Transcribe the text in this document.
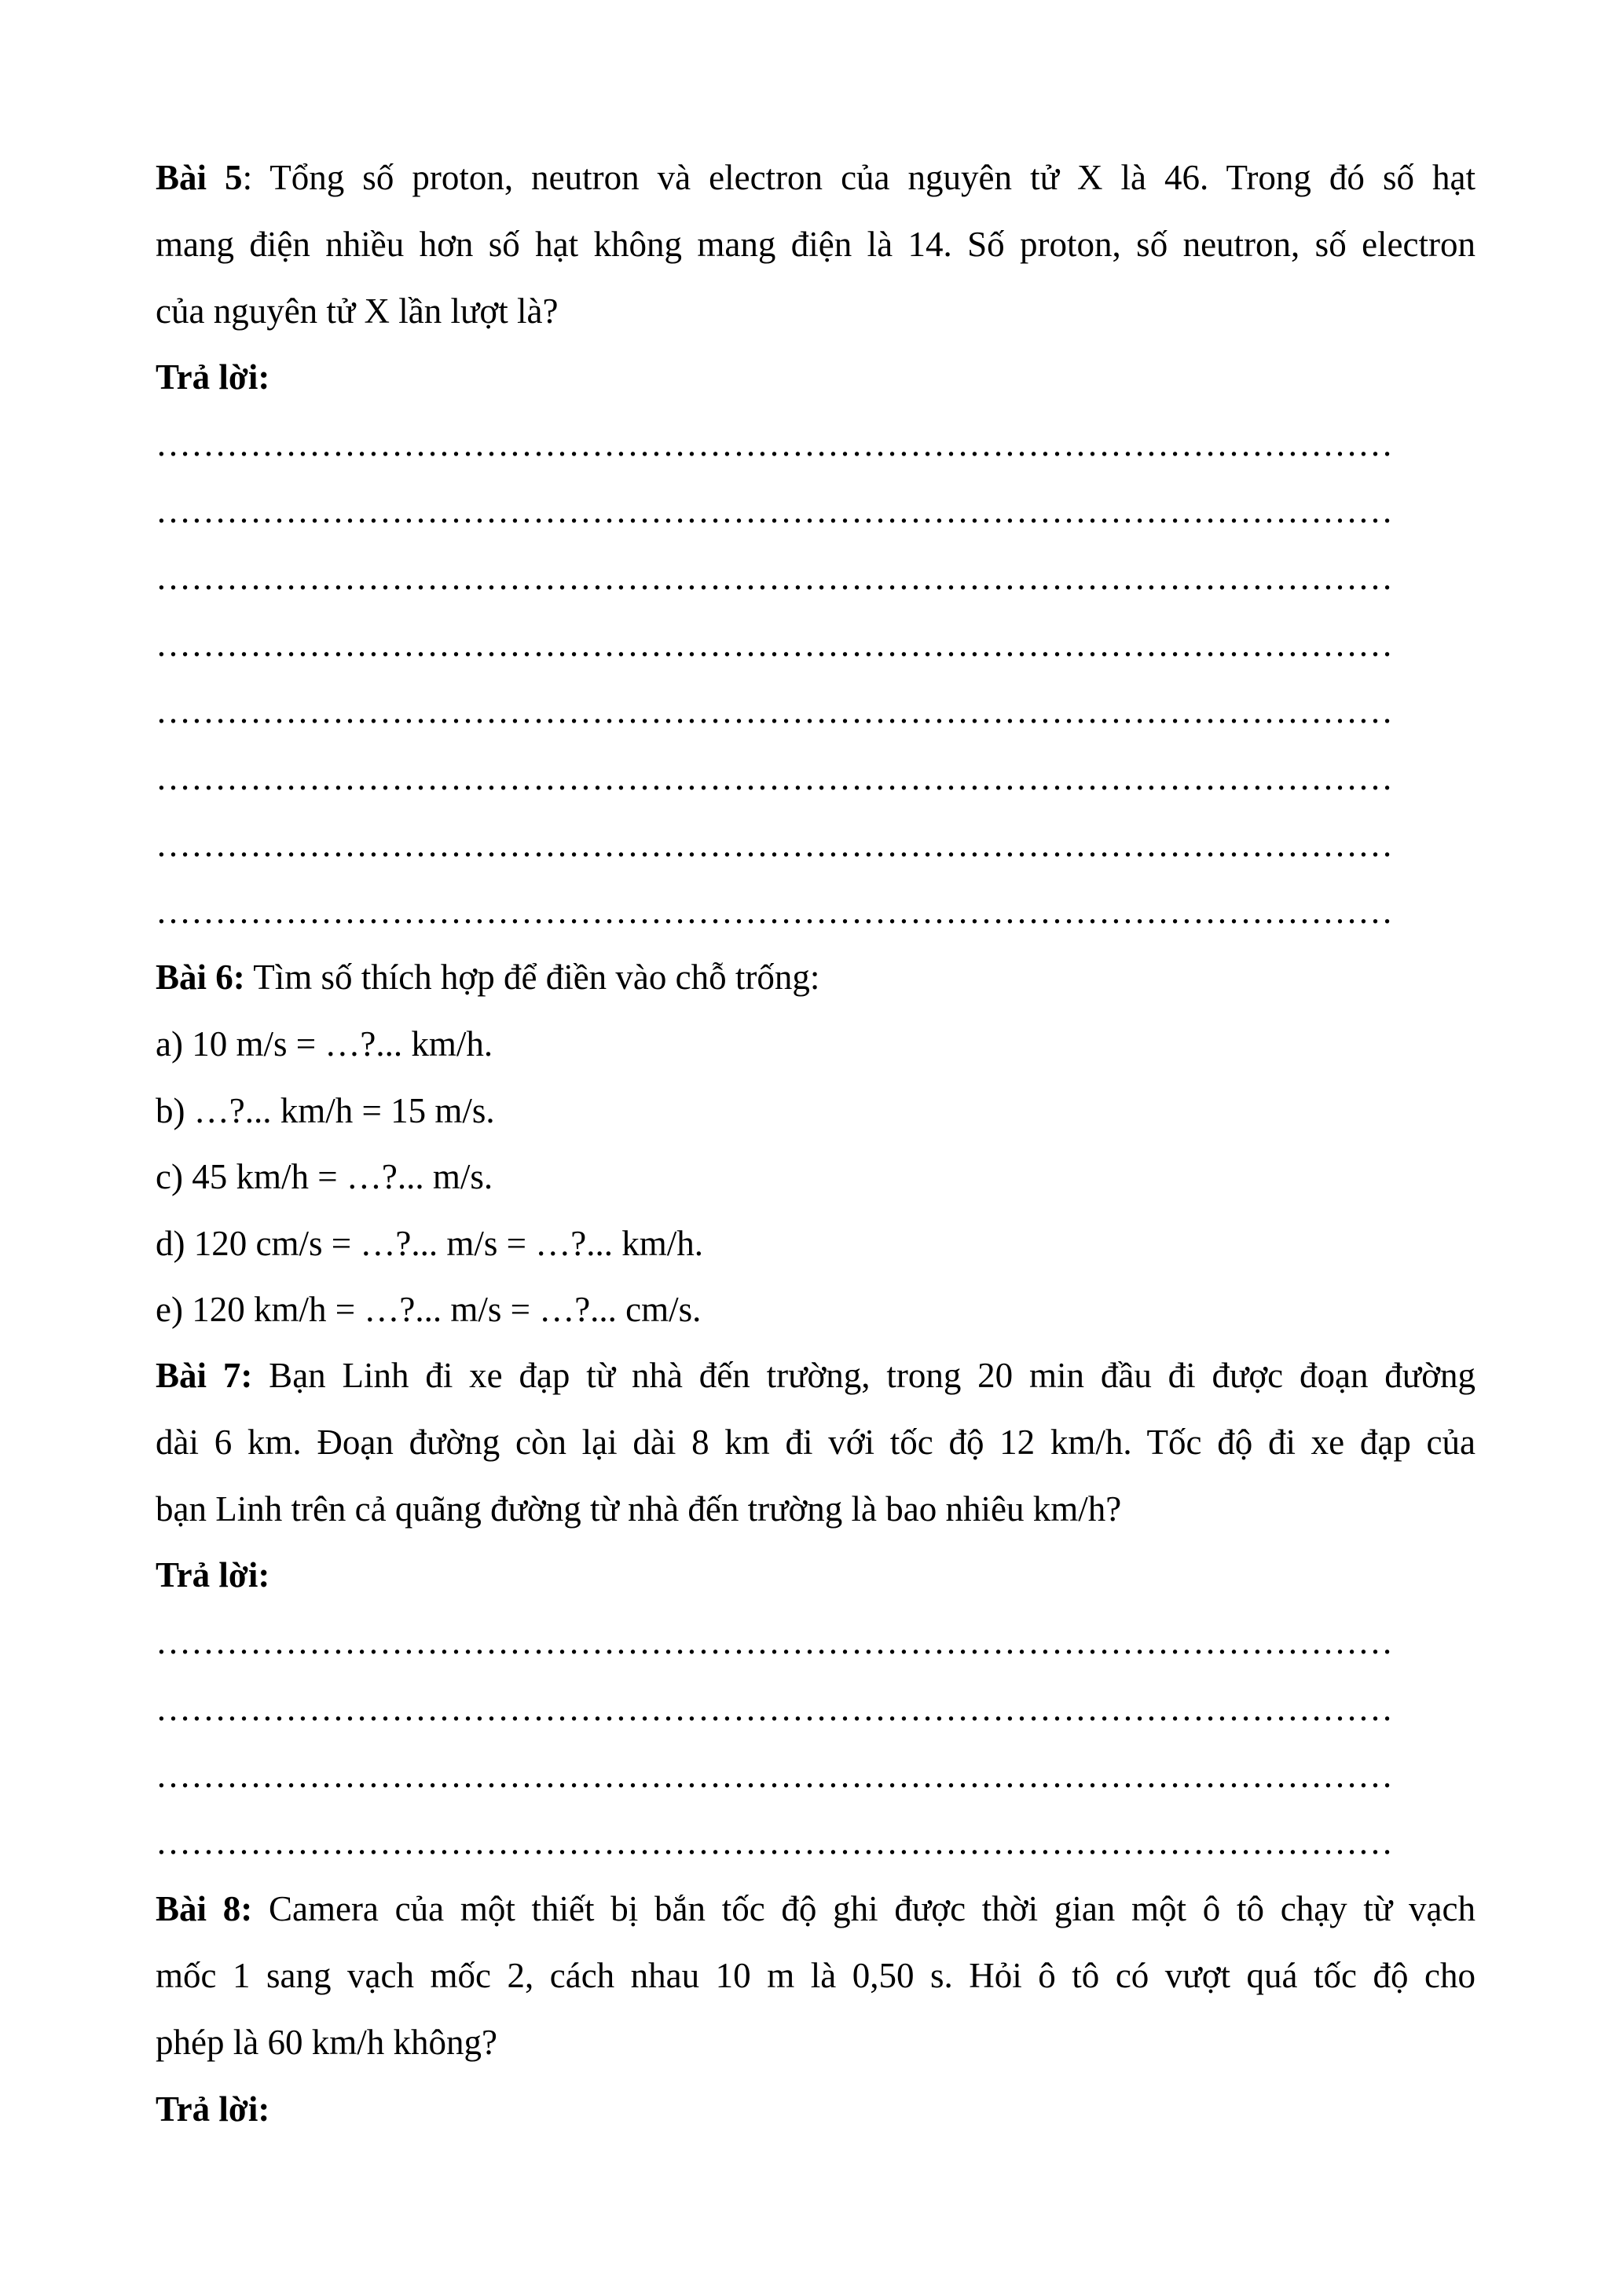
Bài 5: Tổng số proton, neutron và electron của nguyên tử X là 46. Trong đó số hạt
mang điện nhiều hơn số hạt không mang điện là 14. Số proton, số neutron, số electron
của nguyên tử X lần lượt là?
Trả lời:
……………………………………………………………………………………………
……………………………………………………………………………………………
……………………………………………………………………………………………
……………………………………………………………………………………………
……………………………………………………………………………………………
……………………………………………………………………………………………
……………………………………………………………………………………………
……………………………………………………………………………………………
Bài 6: Tìm số thích hợp để điền vào chỗ trống:
a) 10 m/s = …?... km/h.
b) …?... km/h = 15 m/s.
c) 45 km/h = …?... m/s.
d) 120 cm/s = …?... m/s = …?... km/h.
e) 120 km/h = …?... m/s = …?... cm/s.
Bài 7: Bạn Linh đi xe đạp từ nhà đến trường, trong 20 min đầu đi được đoạn đường
dài 6 km. Đoạn đường còn lại dài 8 km đi với tốc độ 12 km/h. Tốc độ đi xe đạp của
bạn Linh trên cả quãng đường từ nhà đến trường là bao nhiêu km/h?
Trả lời:
……………………………………………………………………………………………
……………………………………………………………………………………………
……………………………………………………………………………………………
……………………………………………………………………………………………
Bài 8: Camera của một thiết bị bắn tốc độ ghi được thời gian một ô tô chạy từ vạch
mốc 1 sang vạch mốc 2, cách nhau 10 m là 0,50 s. Hỏi ô tô có vượt quá tốc độ cho
phép là 60 km/h không?
Trả lời:
